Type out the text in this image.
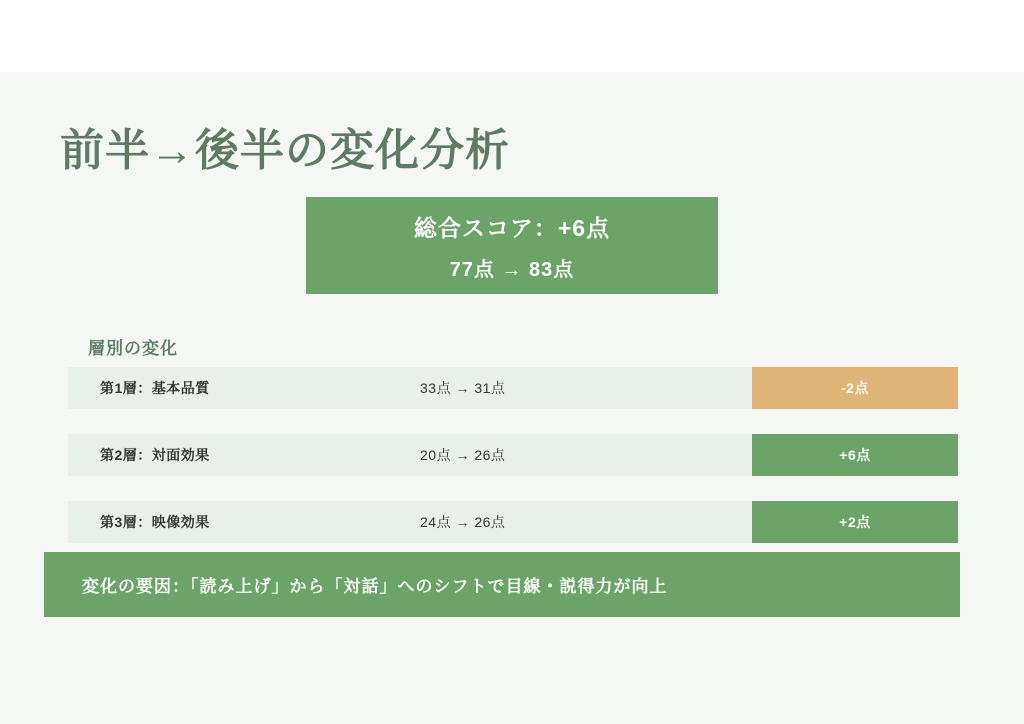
前半→後半の変化分析
総合スコア：+6点
77点 → 83点
層別の変化
第1層：基本品質	33点 → 31点	-2点
第2層：対面効果	20点 → 26点	+6点
第3層：映像効果	24点 → 26点	+2点
変化の要因：「読み上げ」から「対話」へのシフトで目線・説得力が向上
